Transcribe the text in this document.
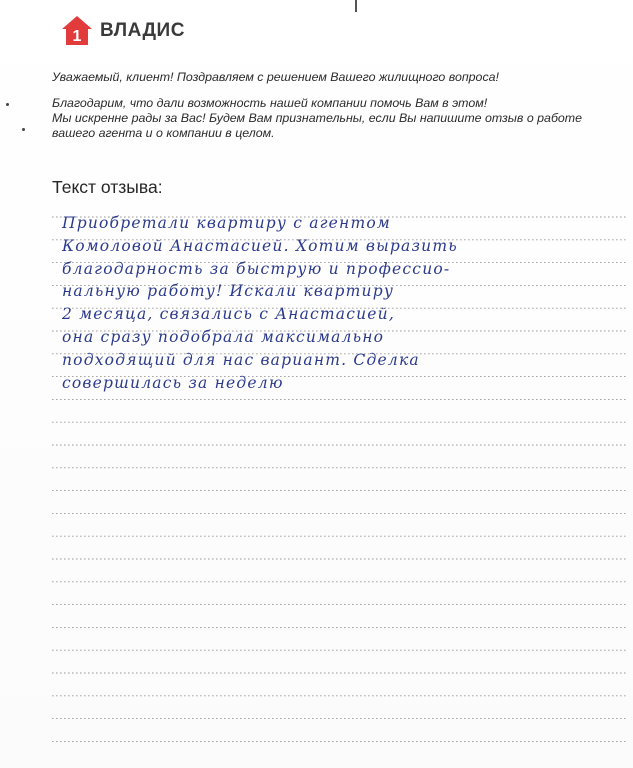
1 ВЛАДИС

Уважаемый, клиент! Поздравляем с решением Вашего жилищного вопроса!

Благодарим, что дали возможность нашей компании помочь Вам в этом!

Мы искренне рады за Вас! Будем Вам признательны, если Вы напишите отзыв о работе

вашего агента и о компании в целом.

Текст отзыва:
Приобретали квартиру с агентом
Комоловой Анастасией. Хотим выразить
благодарность за быструю и профессио-
нальную работу! Искали квартиру
2 месяца, связались с Анастасией,
она сразу подобрала максимально
подходящий для нас вариант. Сделка
совершилась за неделю
